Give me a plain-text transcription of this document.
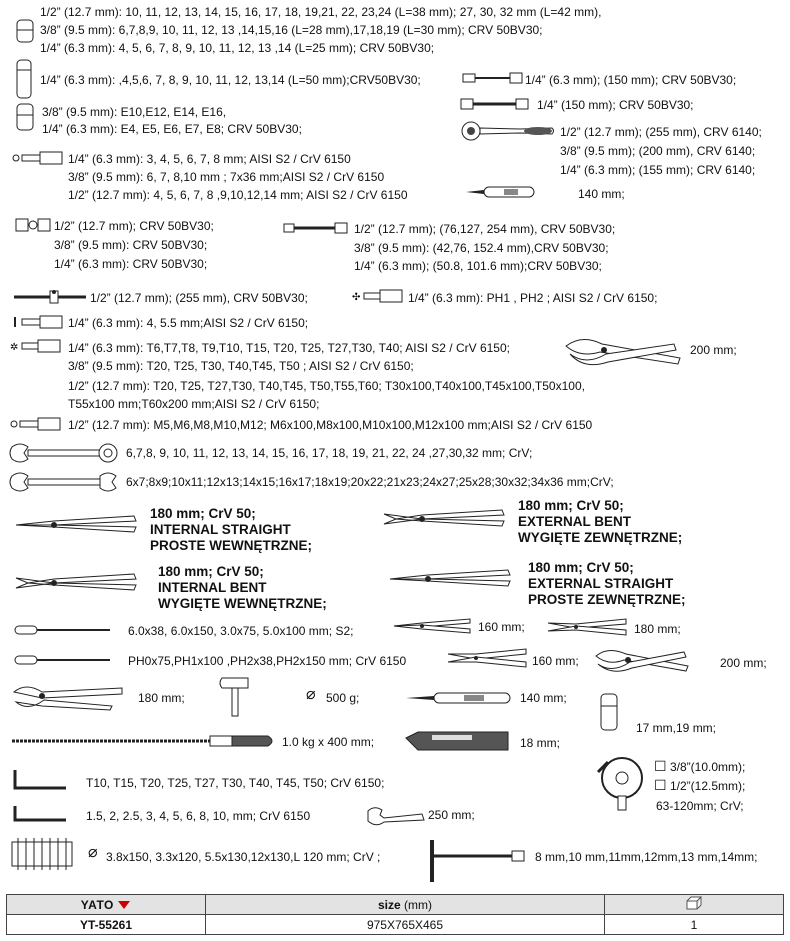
✣
✲
⌀
⌀
☐
☐
1/2” (12.7 mm): 10, 11, 12, 13, 14, 15, 16, 17, 18, 19,21, 22, 23,24 (L=38 mm); 27, 30, 32 mm (L=42 mm),
3/8” (9.5 mm): 6,7,8,9, 10, 11, 12, 13 ,14,15,16 (L=28 mm),17,18,19 (L=30 mm); CRV 50BV30;
1/4” (6.3 mm): 4, 5, 6, 7, 8, 9, 10, 11, 12, 13 ,14 (L=25 mm); CRV 50BV30;
1/4” (6.3 mm): ,4,5,6, 7, 8, 9, 10, 11, 12, 13,14 (L=50 mm);CRV50BV30;	1/4” (6.3 mm); (150 mm); CRV 50BV30;
1/4” (150 mm); CRV 50BV30;
3/8” (9.5 mm): E10,E12, E14, E16,
1/4” (6.3 mm): E4, E5, E6, E7, E8; CRV 50BV30;	1/2” (12.7 mm); (255 mm), CRV 6140;
3/8” (9.5 mm); (200 mm), CRV 6140;
1/4” (6.3 mm); (155 mm); CRV 6140;
1/4” (6.3 mm): 3, 4, 5, 6, 7, 8 mm; AISI S2 / CrV 6150
3/8” (9.5 mm): 6, 7, 8,10 mm ; 7x36 mm;AISI S2 / CrV 6150
1/2” (12.7 mm): 4, 5, 6, 7, 8 ,9,10,12,14 mm; AISI S2 / CrV 6150	140 mm;
1/2” (12.7 mm); CRV 50BV30;
3/8” (9.5 mm): CRV 50BV30;
1/4” (6.3 mm): CRV 50BV30;
1/2” (12.7 mm); (76,127, 254 mm), CRV 50BV30;
3/8” (9.5 mm): (42,76, 152.4 mm),CRV 50BV30;
1/4” (6.3 mm); (50.8, 101.6 mm);CRV 50BV30;
1/2” (12.7 mm); (255 mm), CRV 50BV30;	1/4” (6.3 mm): PH1 , PH2 ; AISI S2 / CrV 6150;
1/4” (6.3 mm): 4, 5.5 mm;AISI S2 / CrV 6150;
1/4” (6.3 mm): T6,T7,T8, T9,T10, T15, T20, T25, T27,T30, T40; AISI S2 / CrV 6150;	200 mm;
3/8” (9.5 mm): T20, T25, T30, T40,T45, T50 ; AISI S2 / CrV 6150;
1/2” (12.7 mm): T20, T25, T27,T30, T40,T45, T50,T55,T60; T30x100,T40x100,T45x100,T50x100,
T55x100 mm;T60x200 mm;AISI S2 / CrV 6150;
1/2” (12.7 mm): M5,M6,M8,M10,M12; M6x100,M8x100,M10x100,M12x100 mm;AISI S2 / CrV 6150
6,7,8, 9, 10, 11, 12, 13, 14, 15, 16, 17, 18, 19, 21, 22, 24 ,27,30,32 mm; CrV;
6x7;8x9;10x11;12x13;14x15;16x17;18x19;20x22;21x23;24x27;25x28;30x32;34x36 mm;CrV;
180 mm; CrV 50;
INTERNAL STRAIGHT
PROSTE WEWNĘTRZNE;
180 mm; CrV 50;
EXTERNAL BENT
WYGIĘTE ZEWNĘTRZNE;
180 mm; CrV 50;
INTERNAL BENT
WYGIĘTE WEWNĘTRZNE;
180 mm; CrV 50;
EXTERNAL STRAIGHT
PROSTE ZEWNĘTRZNE;
6.0x38, 6.0x150, 3.0x75, 5.0x100 mm; S2;	160 mm;	180 mm;
PH0x75,PH1x100 ,PH2x38,PH2x150 mm; CrV 6150	160 mm;	200 mm;
180 mm;	500 g;	140 mm;
17 mm,19 mm;
1.0 kg x 400 mm;	18 mm;
3/8”(10.0mm);
1/2”(12.5mm);
63-120mm; CrV;
T10, T15, T20, T25, T27, T30, T40, T45, T50; CrV 6150;
1.5, 2, 2.5, 3, 4, 5, 6, 8, 10, mm; CrV 6150	250 mm;
3.8x150, 3.3x120, 5.5x130,12x130,L 120 mm; CrV ;	8 mm,10 mm,11mm,12mm,13 mm,14mm;
YATO	size (mm)	
YT-55261	975X765X465	1
